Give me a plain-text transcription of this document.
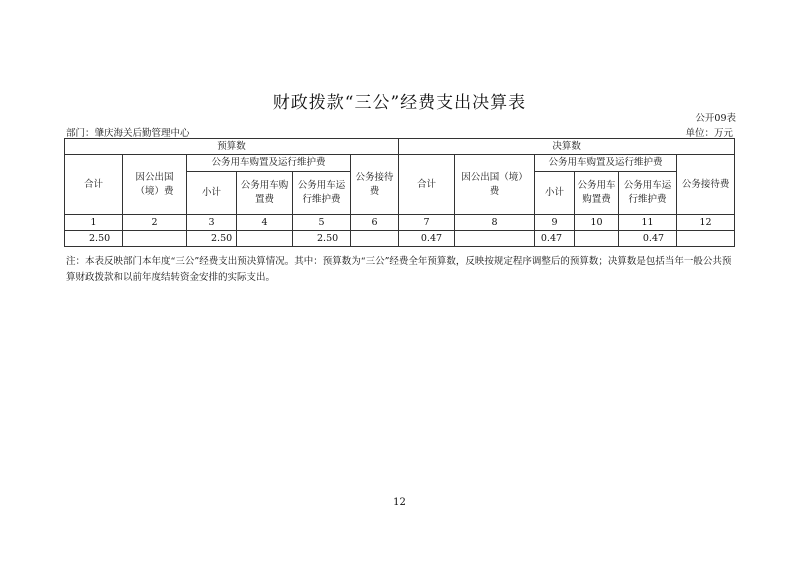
财政拨款“三公”经费支出决算表
公开09表
部门：肇庆海关后勤管理中心	单位：万元
预算数						决算数					
合计	因公出国（境）费	公务用车购置及运行维护费			公务接待费	合计	因公出国（境）费	公务用车购置及运行维护费			公务接待费
		小计	公务用车购置费	公务用车运行维护费				小计	公务用车购置费	公务用车运行维护费	
1	2	3	4	5	6	7	8	9	10	11	12
2.50		2.50		2.50		0.47		0.47		0.47	
注：本表反映部门本年度“三公”经费支出预决算情况。其中：预算数为“三公”经费全年预算数，反映按规定程序调整后的预算数；决算数是包括当年一般公共预算财政拨款和以前年度结转资金安排的实际支出。
12
